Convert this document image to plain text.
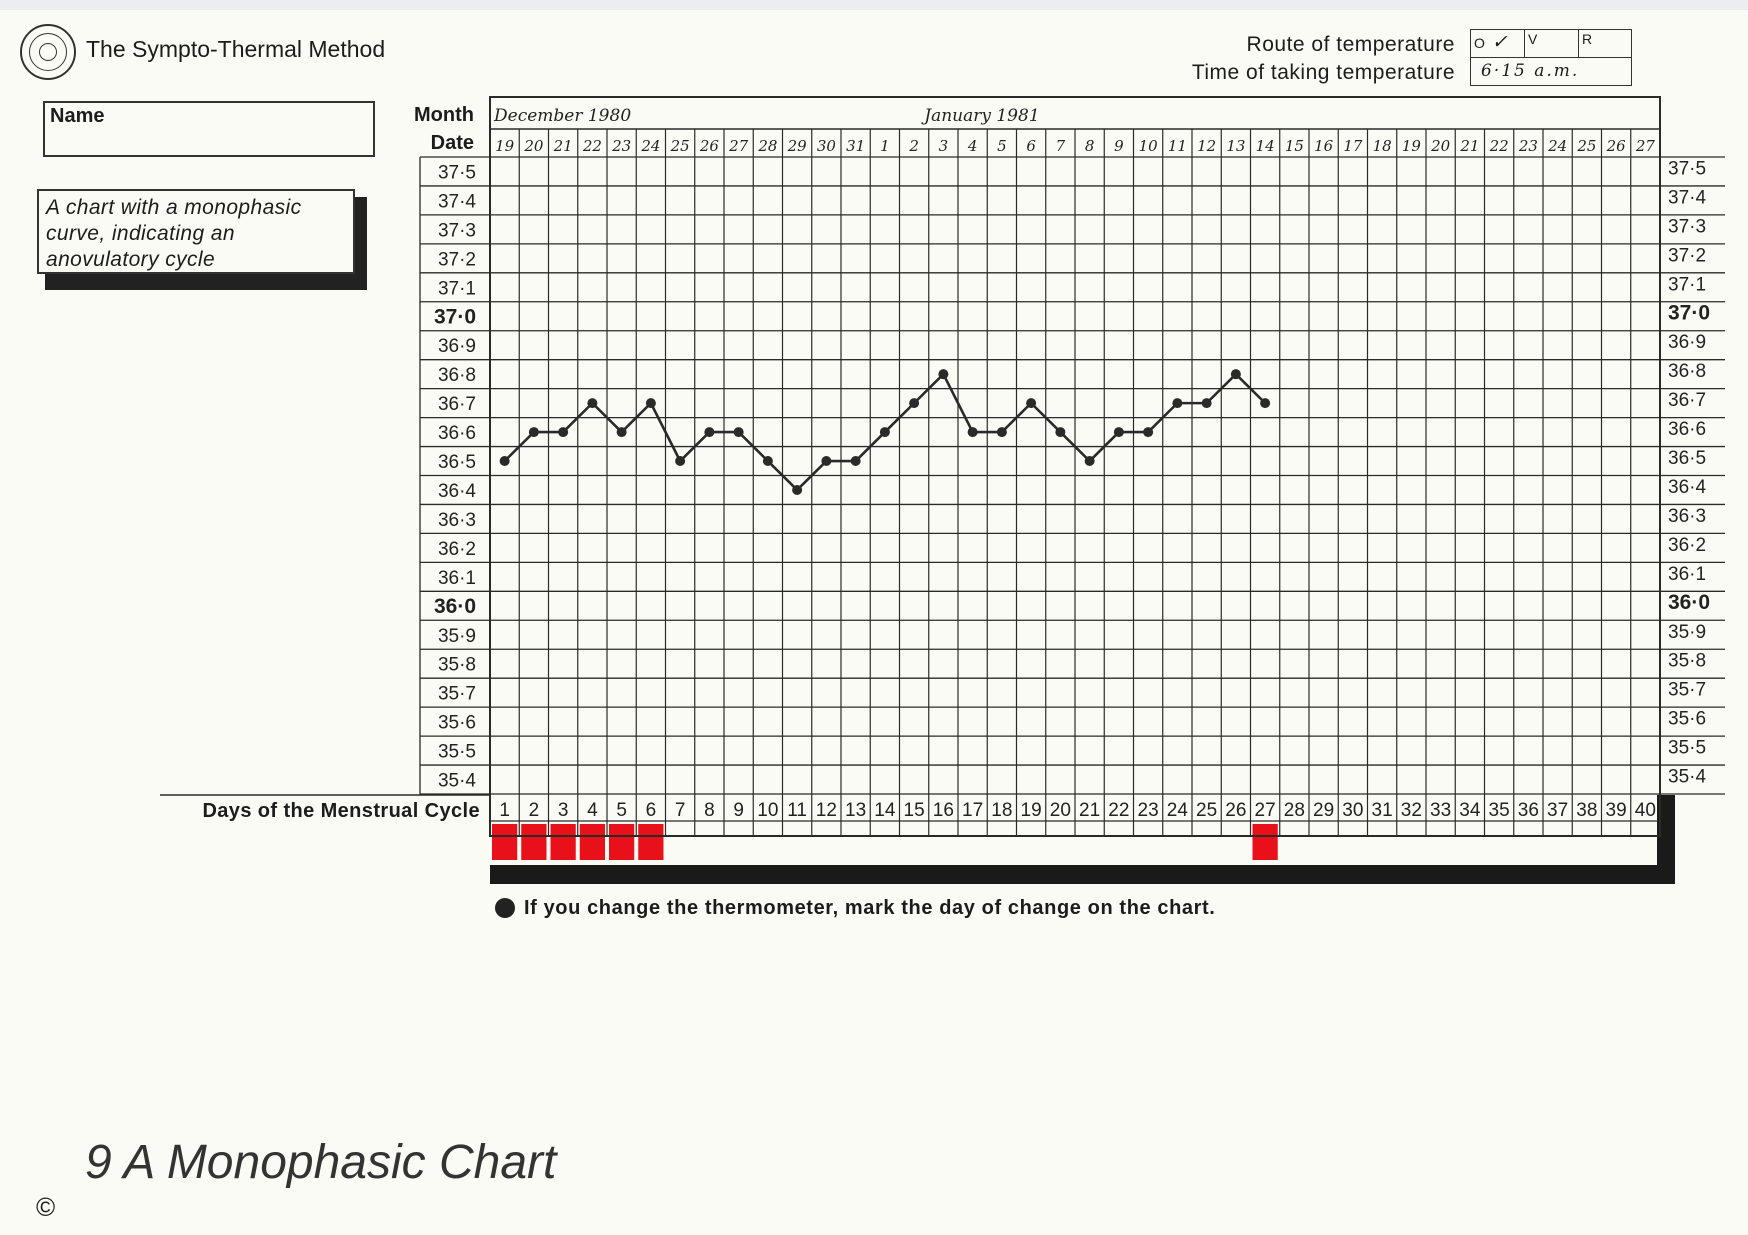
The Sympto-Thermal Method	Route of temperature
Time of taking temperature
O ✓	V	R
6·15 a.m.
Name
A chart with a monophasic curve, indicating an anovulatory cycle
Month
Date
Days of the Menstrual Cycle
December 1980	January 1981
19 20 21 22 23 24 25 26 27 28 29 30 31 1 2 3 4 5 6 7 8 9 10 11 12 13 14 15 16 17 18 19 20 21 22 23 24 25 26 27
37·5	37·5
37·4	37·4
37·3	37·3
37·2	37·2
37·1	37·1
37·0	37·0
36·9	36·9
36·8	36·8
36·7	36·7
36·6	36·6
36·5	36·5
36·4	36·4
36·3	36·3
36·2	36·2
36·1	36·1
36·0	36·0
35·9	35·9
35·8	35·8
35·7	35·7
35·6	35·6
35·5	35·5
35·4	35·4
1 2 3 4 5 6 7 8 9 10 11 12 13 14 15 16 17 18 19 20 21 22 23 24 25 26 27 28 29 30 31 32 33 34 35 36 37 38 39 40
If you change the thermometer, mark the day of change on the chart.
9 A Monophasic Chart
©
